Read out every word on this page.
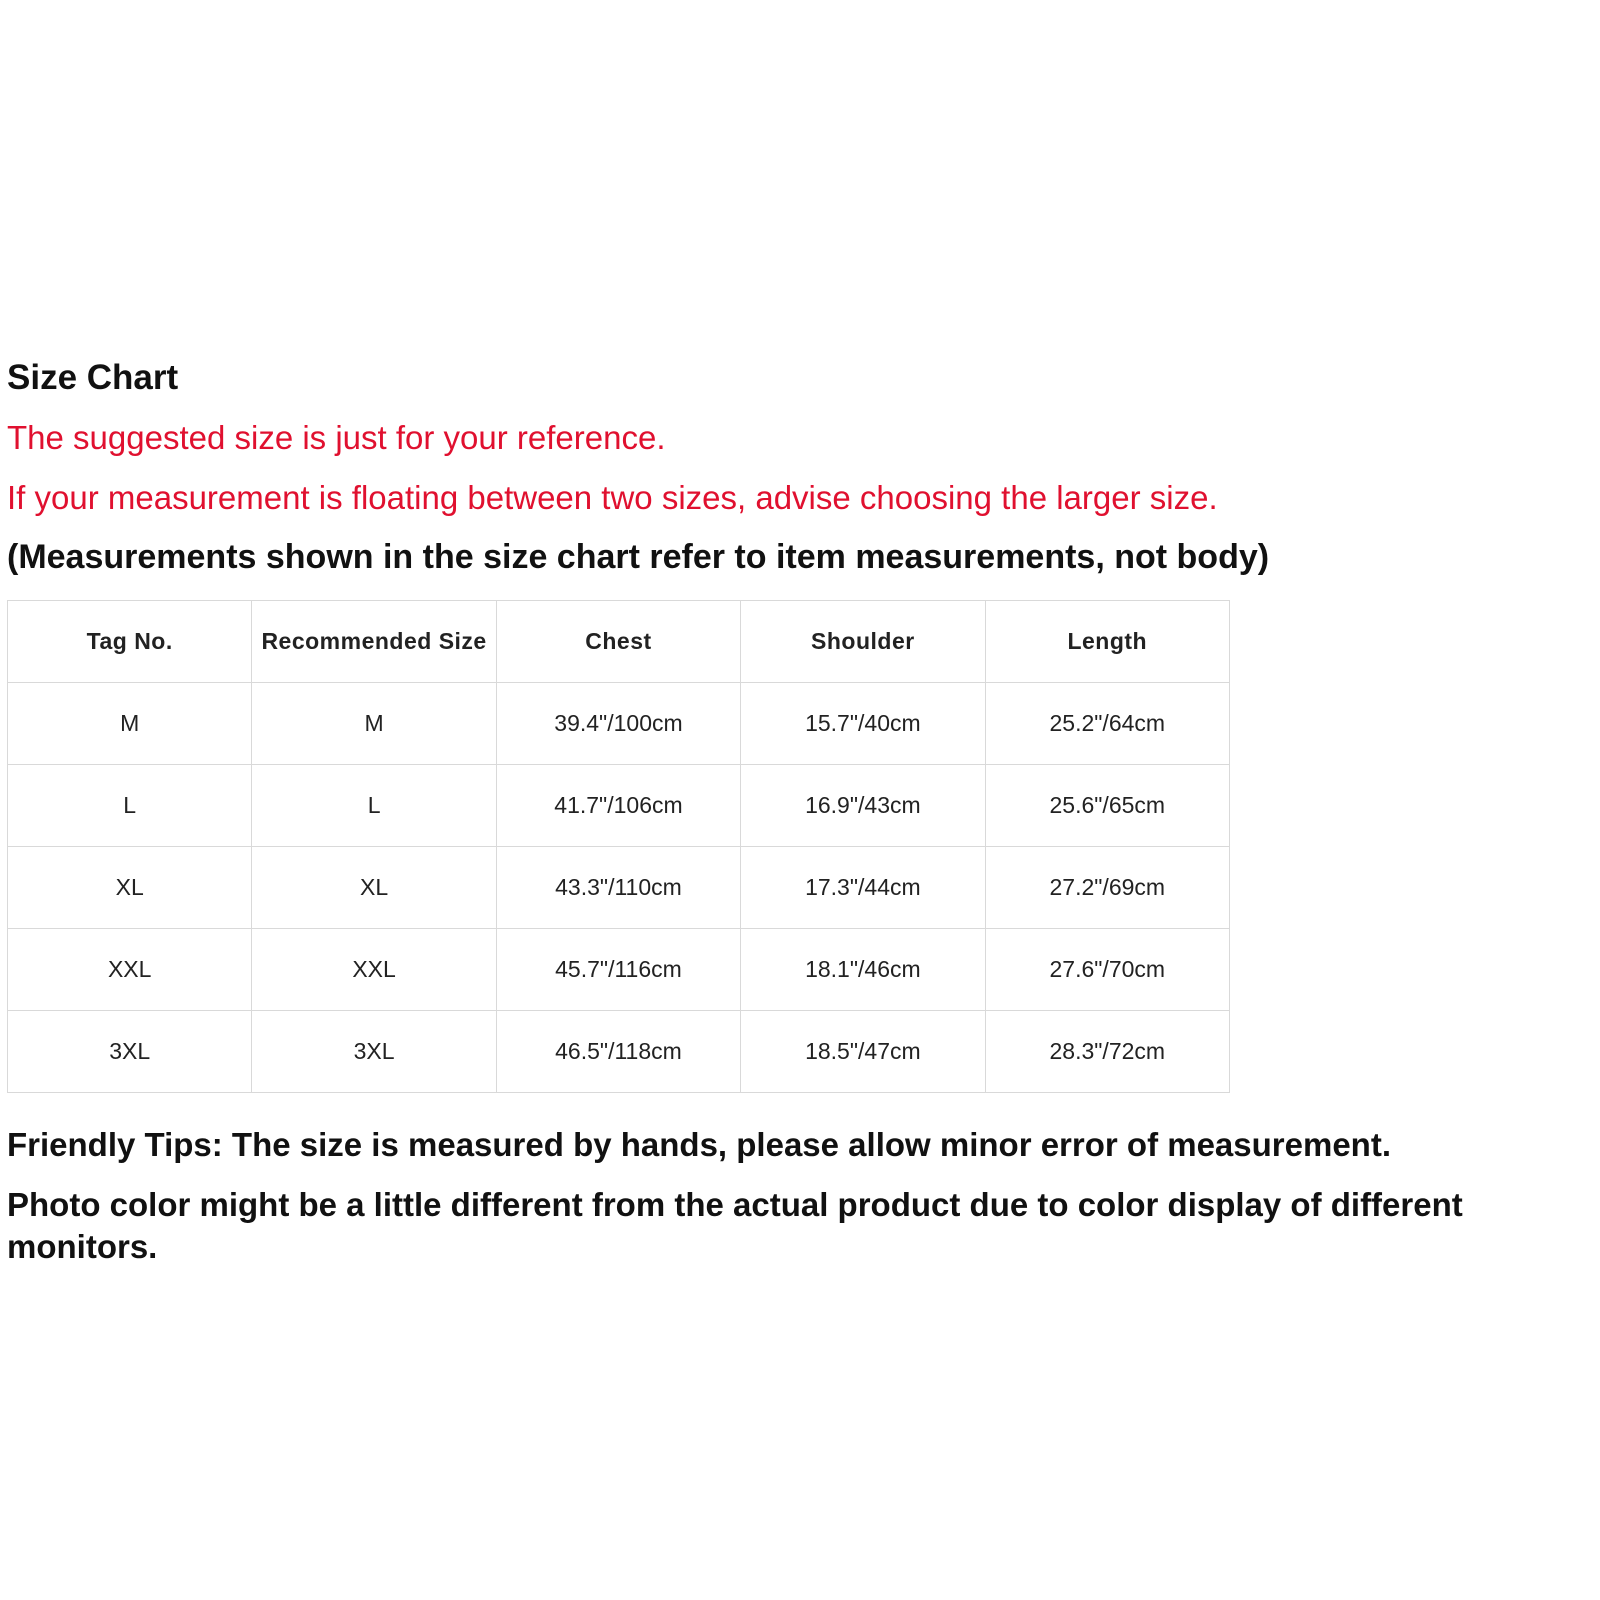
Size Chart

The suggested size is just for your reference.

If your measurement is floating between two sizes, advise choosing the larger size.

(Measurements shown in the size chart refer to item measurements, not body)

Tag No.	Recommended Size	Chest	Shoulder	Length
M	M	39.4"/100cm	15.7"/40cm	25.2"/64cm
L	L	41.7"/106cm	16.9"/43cm	25.6"/65cm
XL	XL	43.3"/110cm	17.3"/44cm	27.2"/69cm
XXL	XXL	45.7"/116cm	18.1"/46cm	27.6"/70cm
3XL	3XL	46.5"/118cm	18.5"/47cm	28.3"/72cm

Friendly Tips: The size is measured by hands, please allow minor error of measurement.

Photo color might be a little different from the actual product due to color display of different monitors.
